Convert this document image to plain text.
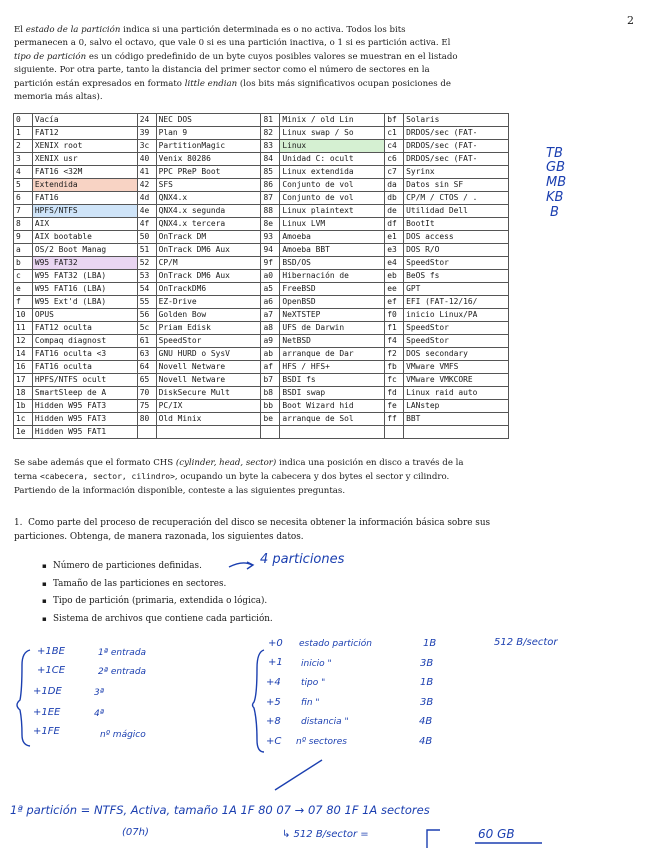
2
El estado de la partición indica si una partición determinada es o no activa. Todos los bits permanecen a 0, salvo el octavo, que vale 0 si es una partición inactiva, o 1 si es partición activa. El tipo de partición es un código predefinido de un byte cuyos posibles valores se muestran en el listado siguiente. Por otra parte, tanto la distancia del primer sector como el número de sectores en la partición están expresados en formato little endian (los bits más significativos ocupan posiciones de memoria más altas).
0	Vacía	24	NEC DOS	81	Minix / old Lin	bf	Solaris
1	FAT12	39	Plan 9	82	Linux swap / So	c1	DRDOS/sec (FAT-
2	XENIX root	3c	PartitionMagic	83	Linux	c4	DRDOS/sec (FAT-
3	XENIX usr	40	Venix 80286	84	Unidad C: ocult	c6	DRDOS/sec (FAT-
4	FAT16 <32M	41	PPC PReP Boot	85	Linux extendida	c7	Syrinx
5	Extendida	42	SFS	86	Conjunto de vol	da	Datos sin SF
6	FAT16	4d	QNX4.x	87	Conjunto de vol	db	CP/M / CTOS / .
7	HPFS/NTFS	4e	QNX4.x segunda	88	Linux plaintext	de	Utilidad Dell
8	AIX	4f	QNX4.x tercera	8e	Linux LVM	df	BootIt
9	AIX bootable	50	OnTrack DM	93	Amoeba	e1	DOS access
a	OS/2 Boot Manag	51	OnTrack DM6 Aux	94	Amoeba BBT	e3	DOS R/O
b	W95 FAT32	52	CP/M	9f	BSD/OS	e4	SpeedStor
c	W95 FAT32 (LBA)	53	OnTrack DM6 Aux	a0	Hibernación de	eb	BeOS fs
e	W95 FAT16 (LBA)	54	OnTrackDM6	a5	FreeBSD	ee	GPT
f	W95 Ext'd (LBA)	55	EZ-Drive	a6	OpenBSD	ef	EFI (FAT-12/16/
10	OPUS	56	Golden Bow	a7	NeXTSTEP	f0	inicio Linux/PA
11	FAT12 oculta	5c	Priam Edisk	a8	UFS de Darwin	f1	SpeedStor
12	Compaq diagnost	61	SpeedStor	a9	NetBSD	f4	SpeedStor
14	FAT16 oculta <3	63	GNU HURD o SysV	ab	arranque de Dar	f2	DOS secondary
16	FAT16 oculta	64	Novell Netware	af	HFS / HFS+	fb	VMware VMFS
17	HPFS/NTFS ocult	65	Novell Netware	b7	BSDI fs	fc	VMware VMKCORE
18	SmartSleep de A	70	DiskSecure Mult	b8	BSDI swap	fd	Linux raid auto
1b	Hidden W95 FAT3	75	PC/IX	bb	Boot Wizard hid	fe	LANstep
1c	Hidden W95 FAT3	80	Old Minix	be	arranque de Sol	ff	BBT
1e	Hidden W95 FAT1						
Se sabe además que el formato CHS (cylinder, head, sector) indica una posición en disco a través de la terna <cabecera, sector, cilindro>, ocupando un byte la cabecera y dos bytes el sector y cilindro. Partiendo de la información disponible, conteste a las siguientes preguntas.
1. Como parte del proceso de recuperación del disco se necesita obtener la información básica sobre sus particiones. Obtenga, de manera razonada, los siguientes datos.
▪ Número de particiones definidas.
▪ Tamaño de las particiones en sectores.
▪ Tipo de partición (primaria, extendida o lógica).
▪ Sistema de archivos que contiene cada partición.
4 particiones
TB
GB
MB
KB
B
+1BE	1ª entrada
+1CE	2ª entrada
+1DE	3ª
+1EE	4ª
+1FE	nº mágico
+0 estado partición	1B
+1 inicio "	3B
+4 tipo "	1B
+5 fin "	3B
+8 distancia "	4B
+C nº sectores	4B
512 B/sector
1ª partición = NTFS, Activa, tamaño 1A 1F 80 07 → 07 80 1F 1A sectores
(07h)	↳ 512 B/sector =	60 GB
